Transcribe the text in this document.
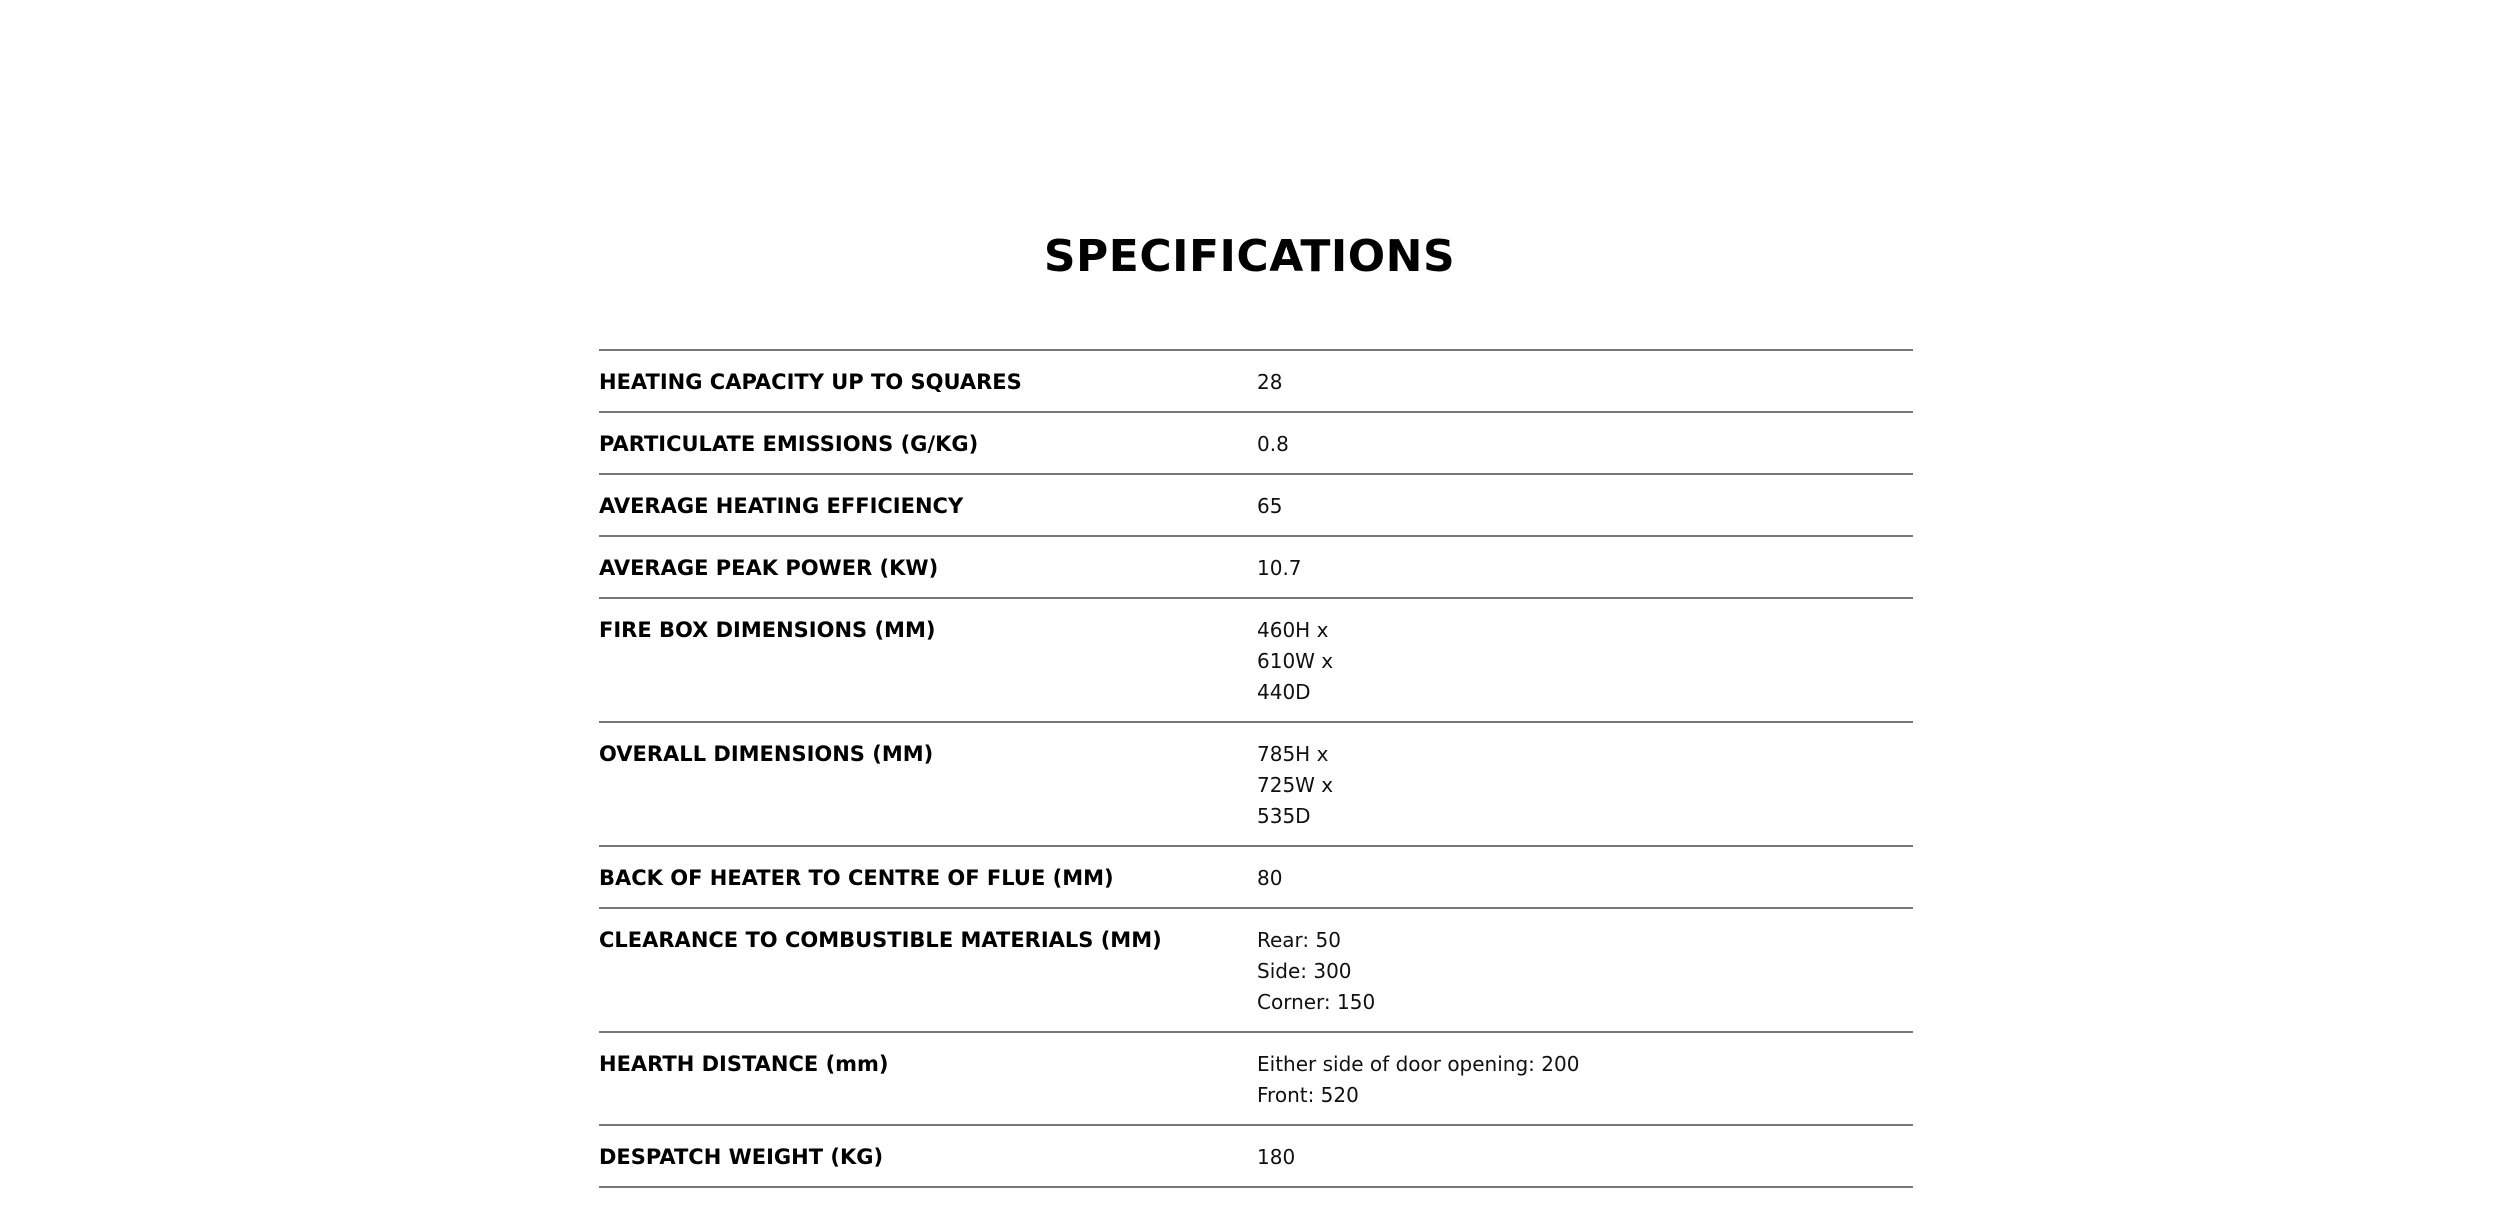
SPECIFICATIONS
HEATING CAPACITY UP TO SQUARES	28
PARTICULATE EMISSIONS (G/KG)	0.8
AVERAGE HEATING EFFICIENCY	65
AVERAGE PEAK POWER (KW)	10.7
FIRE BOX DIMENSIONS (MM)	460H x
610W x
440D
OVERALL DIMENSIONS (MM)	785H x
725W x
535D
BACK OF HEATER TO CENTRE OF FLUE (MM)	80
CLEARANCE TO COMBUSTIBLE MATERIALS (MM)	Rear: 50
Side: 300
Corner: 150
HEARTH DISTANCE (mm)	Either side of door opening: 200
Front: 520
DESPATCH WEIGHT (KG)	180
